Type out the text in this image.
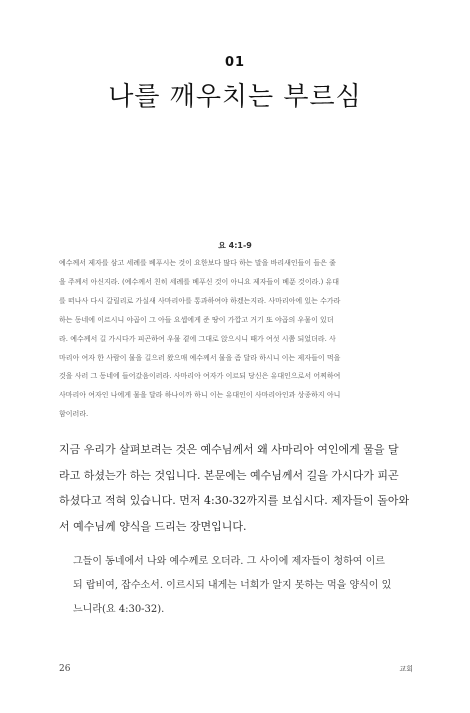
01
나를 깨우치는 부르심
요 4:1-9
예수께서 제자를 삼고 세례를 베푸시는 것이 요한보다 많다 하는 말을 바리새인들이 들은 줄
을 주께서 아신지라. (예수께서 친히 세례를 베푸신 것이 아니요 제자들이 베푼 것이라.) 유대
를 떠나사 다시 갈릴리로 가실새 사마리아를 통과하여야 하겠는지라. 사마리아에 있는 수가라
하는 동네에 이르시니 야곱이 그 아들 요셉에게 준 땅이 가깝고 거기 또 야곱의 우물이 있더
라. 예수께서 길 가시다가 피곤하여 우물 곁에 그대로 앉으시니 때가 여섯 시쯤 되었더라. 사
마리아 여자 한 사람이 물을 길으러 왔으매 예수께서 물을 좀 달라 하시니 이는 제자들이 먹을
것을 사러 그 동네에 들어갔음이러라. 사마리아 여자가 이르되 당신은 유대인으로서 어찌하여
사마리아 여자인 나에게 물을 달라 하나이까 하니 이는 유대인이 사마리아인과 상종하지 아니
함이러라.
지금 우리가 살펴보려는 것은 예수님께서 왜 사마리아 여인에게 물을 달
라고 하셨는가 하는 것입니다. 본문에는 예수님께서 길을 가시다가 피곤
하셨다고 적혀 있습니다. 먼저 4:30-32까지를 보십시다. 제자들이 돌아와
서 예수님께 양식을 드리는 장면입니다.
그들이 동네에서 나와 예수께로 오더라. 그 사이에 제자들이 청하여 이르
되 랍비여, 잡수소서. 이르시되 내게는 너희가 알지 못하는 먹을 양식이 있
느니라(요 4:30-32).
26	교회
